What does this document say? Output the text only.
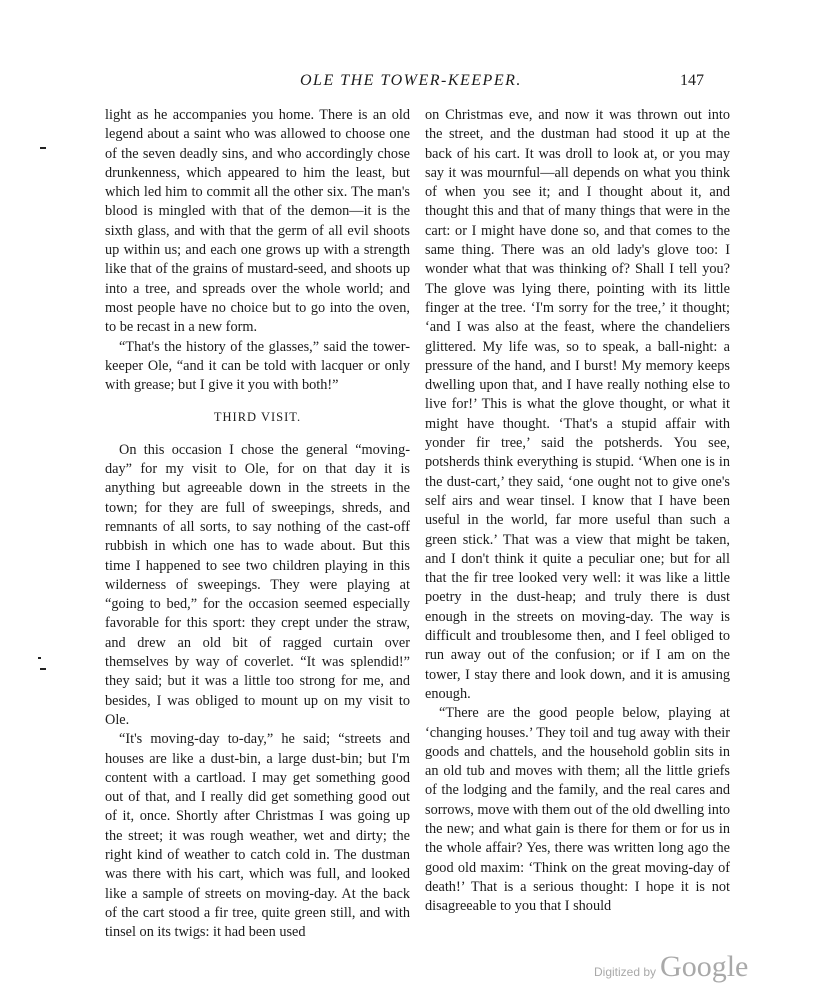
OLE THE TOWER-KEEPER.	147

light as he accompanies you home. There is an old legend about a saint who was allowed to choose one of the seven deadly sins, and who accordingly chose drunkenness, which appeared to him the least, but which led him to commit all the other six. The man's blood is mingled with that of the demon—it is the sixth glass, and with that the germ of all evil shoots up within us; and each one grows up with a strength like that of the grains of mustard-seed, and shoots up into a tree, and spreads over the whole world; and most people have no choice but to go into the oven, to be recast in a new form.

“That's the history of the glasses,” said the tower-keeper Ole, “and it can be told with lacquer or only with grease; but I give it you with both!”

THIRD VISIT.

On this occasion I chose the general “moving-day” for my visit to Ole, for on that day it is anything but agreeable down in the streets in the town; for they are full of sweepings, shreds, and remnants of all sorts, to say nothing of the cast-off rubbish in which one has to wade about. But this time I happened to see two children playing in this wilderness of sweepings. They were playing at “going to bed,” for the occasion seemed especially favorable for this sport: they crept under the straw, and drew an old bit of ragged curtain over themselves by way of coverlet. “It was splendid!” they said; but it was a little too strong for me, and besides, I was obliged to mount up on my visit to Ole.

“It's moving-day to-day,” he said; “streets and houses are like a dust-bin, a large dust-bin; but I'm content with a cartload. I may get something good out of that, and I really did get something good out of it, once. Shortly after Christmas I was going up the street; it was rough weather, wet and dirty; the right kind of weather to catch cold in. The dustman was there with his cart, which was full, and looked like a sample of streets on moving-day. At the back of the cart stood a fir tree, quite green still, and with tinsel on its twigs: it had been used

on Christmas eve, and now it was thrown out into the street, and the dustman had stood it up at the back of his cart. It was droll to look at, or you may say it was mournful—all depends on what you think of when you see it; and I thought about it, and thought this and that of many things that were in the cart: or I might have done so, and that comes to the same thing. There was an old lady's glove too: I wonder what that was thinking of? Shall I tell you? The glove was lying there, pointing with its little finger at the tree. ‘I'm sorry for the tree,’ it thought; ‘and I was also at the feast, where the chandeliers glittered. My life was, so to speak, a ball-night: a pressure of the hand, and I burst! My memory keeps dwelling upon that, and I have really nothing else to live for!’ This is what the glove thought, or what it might have thought. ‘That's a stupid affair with yonder fir tree,’ said the potsherds. You see, potsherds think everything is stupid. ‘When one is in the dust-cart,’ they said, ‘one ought not to give one's self airs and wear tinsel. I know that I have been useful in the world, far more useful than such a green stick.’ That was a view that might be taken, and I don't think it quite a peculiar one; but for all that the fir tree looked very well: it was like a little poetry in the dust-heap; and truly there is dust enough in the streets on moving-day. The way is difficult and troublesome then, and I feel obliged to run away out of the confusion; or if I am on the tower, I stay there and look down, and it is amusing enough.

“There are the good people below, playing at ‘changing houses.’ They toil and tug away with their goods and chattels, and the household goblin sits in an old tub and moves with them; all the little griefs of the lodging and the family, and the real cares and sorrows, move with them out of the old dwelling into the new; and what gain is there for them or for us in the whole affair? Yes, there was written long ago the good old maxim: ‘Think on the great moving-day of death!’ That is a serious thought: I hope it is not disagreeable to you that I should

Digitized by Google
